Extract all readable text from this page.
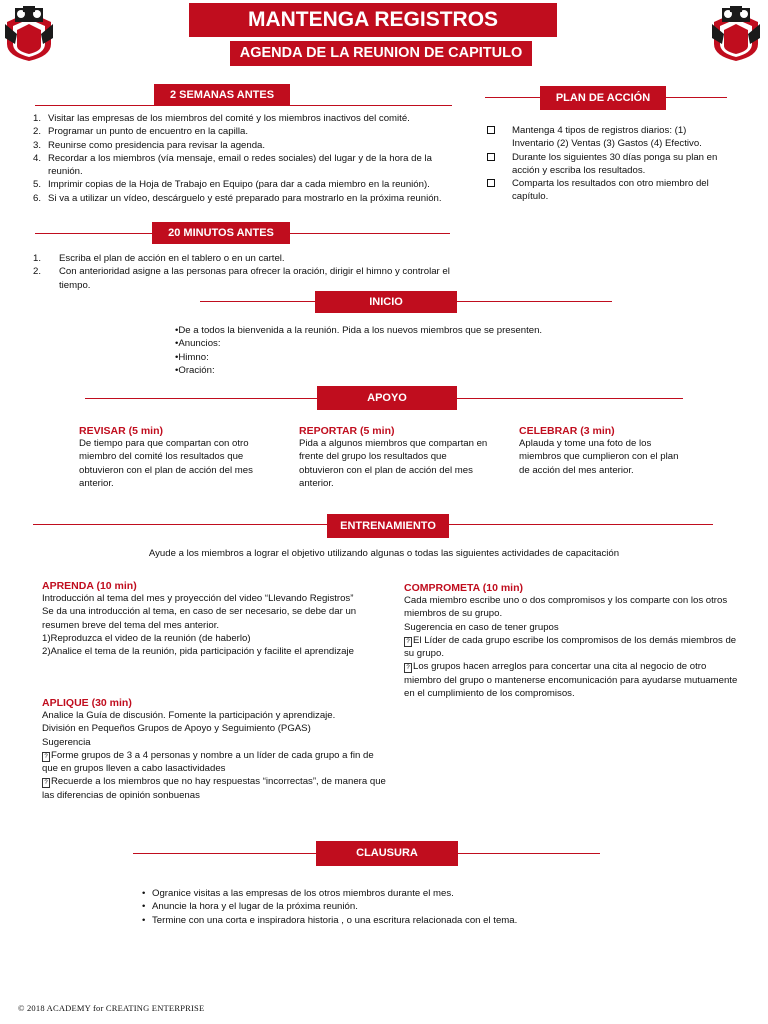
MANTENGA REGISTROS
AGENDA DE LA REUNION DE CAPITULO
2 SEMANAS ANTES
1. Visitar las empresas de los miembros del comité y los miembros inactivos del comité.
2. Programar un punto de encuentro en la capilla.
3. Reunirse como presidencia para revisar la agenda.
4. Recordar a los miembros (vía mensaje, email o redes sociales) del lugar y de la hora de la reunión.
5. Imprimir copias de la Hoja de Trabajo en Equipo (para dar a cada miembro en la reunión).
6. Si va a utilizar un vídeo, descárguelo y esté preparado para mostrarlo en la próxima reunión.
PLAN DE ACCIÓN
Mantenga 4 tipos de registros diarios: (1) Inventario (2) Ventas (3) Gastos (4) Efectivo.
Durante los siguientes 30 días ponga su plan en acción y escriba los resultados.
Comparta los resultados con otro miembro del capítulo.
20 MINUTOS ANTES
1. Escriba el plan de acción en el tablero o en un cartel.
2. Con anterioridad asigne a las personas para ofrecer la oración, dirigir el himno y controlar el tiempo.
INICIO
•De a todos la bienvenida a la reunión. Pida a los nuevos miembros que se presenten.
•Anuncios:
•Himno:
•Oración:
APOYO
REVISAR (5 min)
De tiempo para que compartan con otro miembro del comité los resultados que obtuvieron con el plan de acción del mes anterior.
REPORTAR (5 min)
Pida a algunos miembros que compartan en frente del grupo los resultados que obtuvieron con el plan de acción del mes anterior.
CELEBRAR (3 min)
Aplauda y tome una foto de los miembros que cumplieron con el plan de acción del mes anterior.
ENTRENAMIENTO
Ayude a los miembros a lograr el objetivo utilizando algunas o todas las siguientes actividades de capacitación
APRENDA (10 min)
Introducción al tema del mes y proyección del video “Llevando Registros”
Se da una introducción al tema, en caso de ser necesario, se debe dar un resumen breve del tema del mes anterior.
1)Reproduzca el video de la reunión (de haberlo)
2)Analice el tema de la reunión, pida participación y facilite el aprendizaje
APLIQUE (30 min)
Analice la Guía de discusión. Fomente la participación y aprendizaje.
División en Pequeños Grupos de Apoyo y Seguimiento (PGAS)
Sugerencia
? Forme grupos de 3 a 4 personas y nombre a un líder de cada grupo a fin de que en grupos lleven a cabo lasactividades
? Recuerde a los miembros que no hay respuestas “incorrectas”, de manera que las diferencias de opinión sonbuenas
COMPROMETA (10 min)
Cada miembro escribe uno o dos compromisos y los comparte con los otros miembros de su grupo.
Sugerencia en caso de tener grupos
? El Líder de cada grupo escribe los compromisos de los demás miembros de su grupo.
? Los grupos hacen arreglos para concertar una cita al negocio de otro miembro del grupo o mantenerse encomunicación para ayudarse mutuamente en el cumplimiento de los compromisos.
CLAUSURA
• Ogranice visitas a las empresas de los otros miembros durante el mes.
• Anuncie la hora y el lugar de la próxima reunión.
• Termine con una corta e inspiradora historia , o una escritura relacionada con el tema.
© 2018 ACADEMY for CREATING ENTERPRISE
